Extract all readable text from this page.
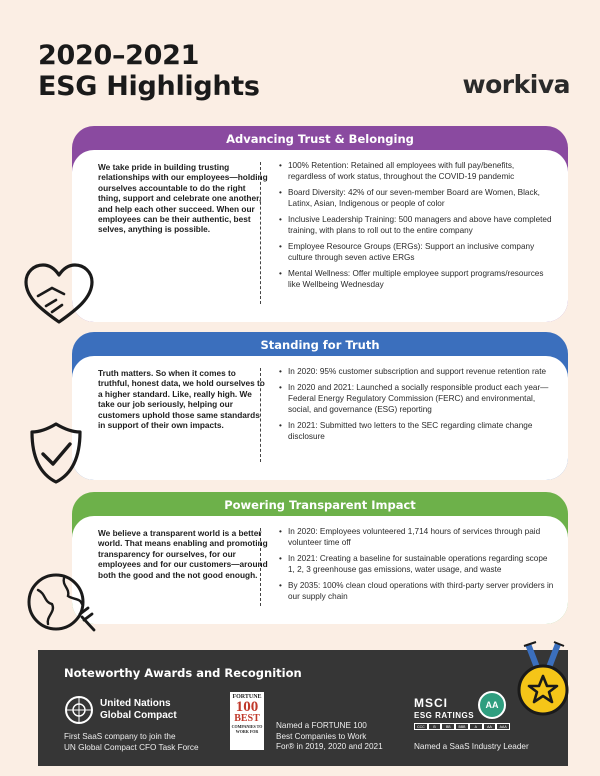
2020–2021
ESG Highlights	workiva
Advancing Trust & Belonging
We take pride in building trusting relationships with our employees—holding ourselves accountable to do the right thing, support and celebrate one another, and help each other succeed. When our employees can be their authentic, best selves, anything is possible.
• 100% Retention: Retained all employees with full pay/benefits, regardless of work status, throughout the COVID-19 pandemic
• Board Diversity: 42% of our seven-member Board are Women, Black, Latinx, Asian, Indigenous or people of color
• Inclusive Leadership Training: 500 managers and above have completed training, with plans to roll out to the entire company
• Employee Resource Groups (ERGs): Support an inclusive company culture through seven active ERGs
• Mental Wellness: Offer multiple employee support programs/resources like Wellbeing Wednesday
Standing for Truth
Truth matters. So when it comes to truthful, honest data, we hold ourselves to a higher standard. Like, really high. We take our job seriously, helping our customers uphold those same standards in support of their own impacts.
• In 2020: 95% customer subscription and support revenue retention rate
• In 2020 and 2021: Launched a socially responsible product each year—Federal Energy Regulatory Commission (FERC) and environmental, social, and governance (ESG) reporting
• In 2021: Submitted two letters to the SEC regarding climate change disclosure
Powering Transparent Impact
We believe a transparent world is a better world. That means enabling and promoting transparency for ourselves, for our employees and for our customers—around both the good and the not good enough.
• In 2020: Employees volunteered 1,714 hours of services through paid volunteer time off
• In 2021: Creating a baseline for sustainable operations regarding scope 1, 2, 3 greenhouse gas emissions, water usage, and waste
• By 2035: 100% clean cloud operations with third-party server providers in our supply chain
Noteworthy Awards and Recognition
United Nations
Global Compact
First SaaS company to join the
UN Global Compact CFO Task Force
FORTUNE
100
BEST
COMPANIES TO WORK FOR
Named a FORTUNE 100
Best Companies to Work
For® in 2019, 2020 and 2021
MSCI
ESG RATINGS
AA
CCC	B	BB	BBB	A	AA	AAA
Named a SaaS Industry Leader
